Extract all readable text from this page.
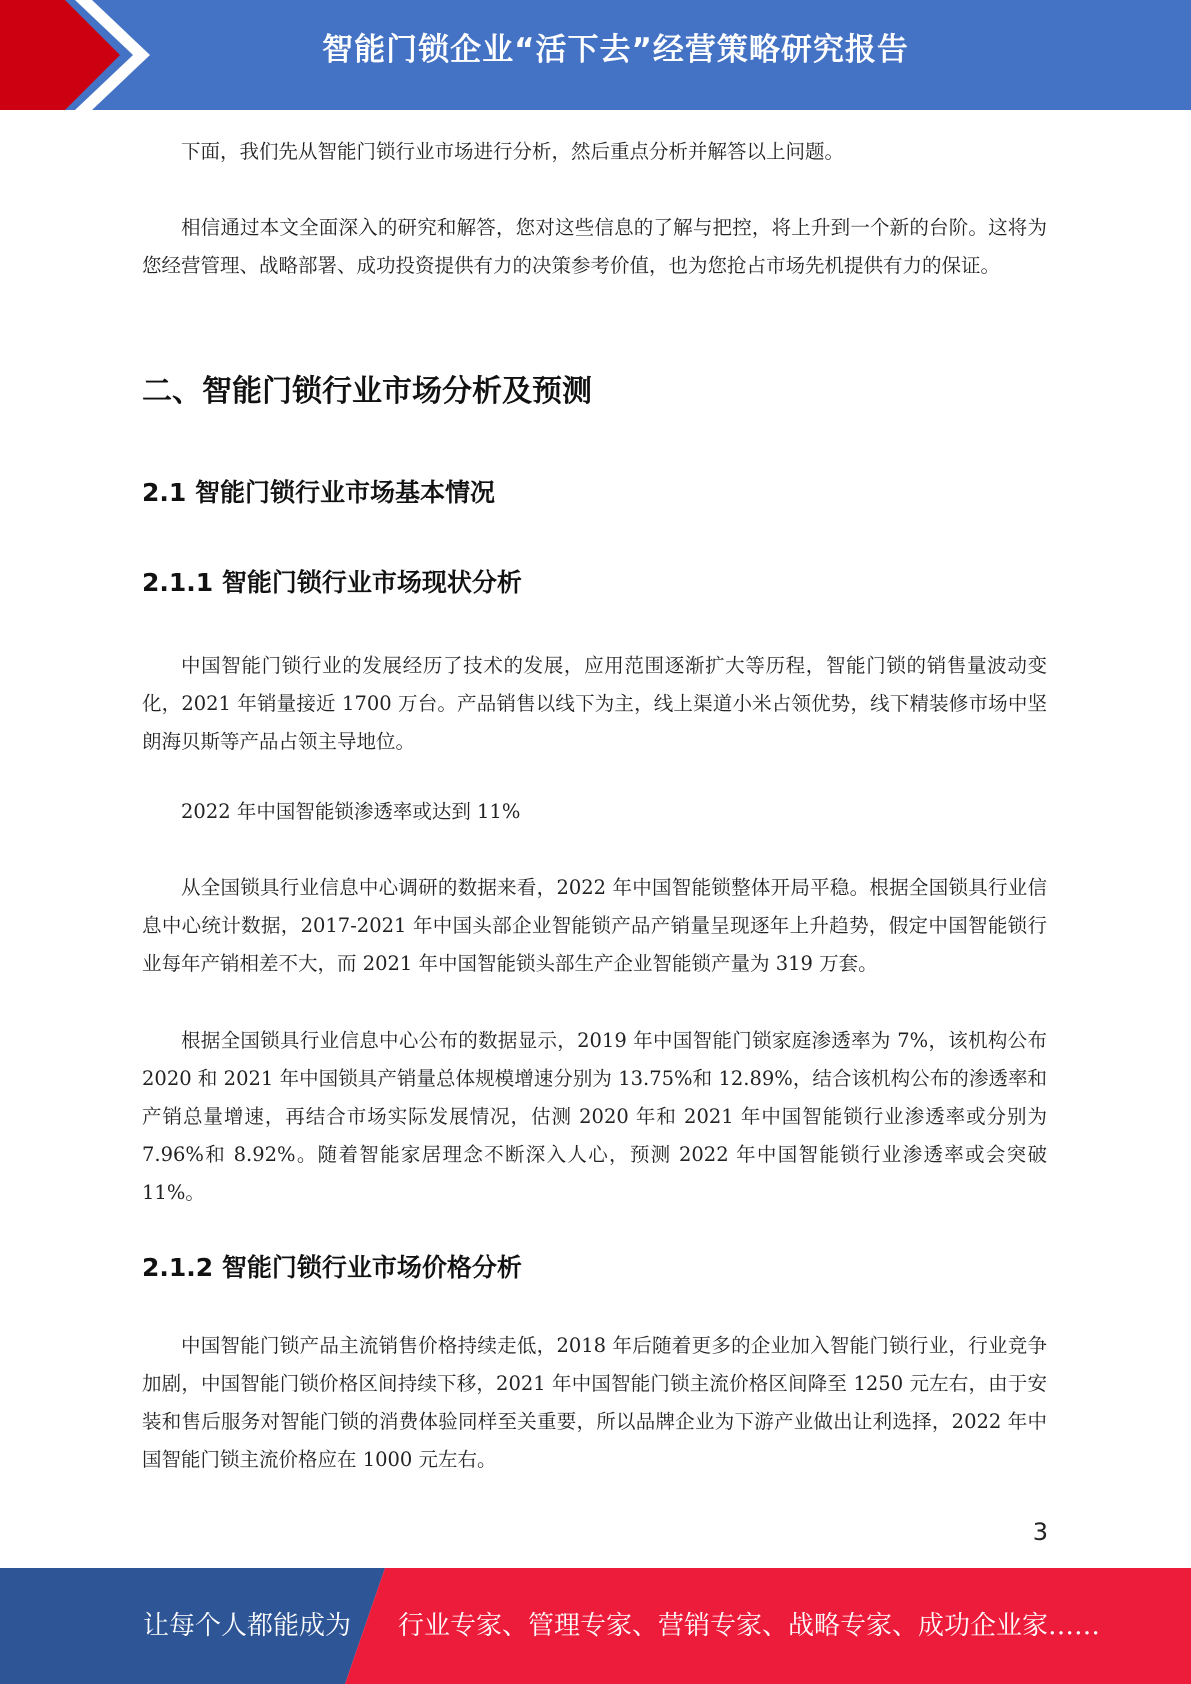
智能门锁企业“活下去”经营策略研究报告

下面，我们先从智能门锁行业市场进行分析，然后重点分析并解答以上问题。

相信通过本文全面深入的研究和解答，您对这些信息的了解与把控，将上升到一个新的台阶。这将为您经营管理、战略部署、成功投资提供有力的决策参考价值，也为您抢占市场先机提供有力的保证。

二、智能门锁行业市场分析及预测
2.1 智能门锁行业市场基本情况
2.1.1 智能门锁行业市场现状分析

中国智能门锁行业的发展经历了技术的发展，应用范围逐渐扩大等历程，智能门锁的销售量波动变化，2021 年销量接近 1700 万台。产品销售以线下为主，线上渠道小米占领优势，线下精装修市场中坚朗海贝斯等产品占领主导地位。

2022 年中国智能锁渗透率或达到 11%

从全国锁具行业信息中心调研的数据来看，2022 年中国智能锁整体开局平稳。根据全国锁具行业信息中心统计数据，2017-2021 年中国头部企业智能锁产品产销量呈现逐年上升趋势，假定中国智能锁行业每年产销相差不大，而 2021 年中国智能锁头部生产企业智能锁产量为 319 万套。

根据全国锁具行业信息中心公布的数据显示，2019 年中国智能门锁家庭渗透率为 7%，该机构公布 2020 和 2021 年中国锁具产销量总体规模增速分别为 13.75%和 12.89%，结合该机构公布的渗透率和产销总量增速，再结合市场实际发展情况，估测 2020 年和 2021 年中国智能锁行业渗透率或分别为 7.96%和 8.92%。随着智能家居理念不断深入人心，预测 2022 年中国智能锁行业渗透率或会突破 11%。

2.1.2 智能门锁行业市场价格分析

中国智能门锁产品主流销售价格持续走低，2018 年后随着更多的企业加入智能门锁行业，行业竞争加剧，中国智能门锁价格区间持续下移，2021 年中国智能门锁主流价格区间降至 1250 元左右，由于安装和售后服务对智能门锁的消费体验同样至关重要，所以品牌企业为下游产业做出让利选择，2022 年中国智能门锁主流价格应在 1000 元左右。

3
让每个人都能成为 行业专家、管理专家、营销专家、战略专家、成功企业家……
